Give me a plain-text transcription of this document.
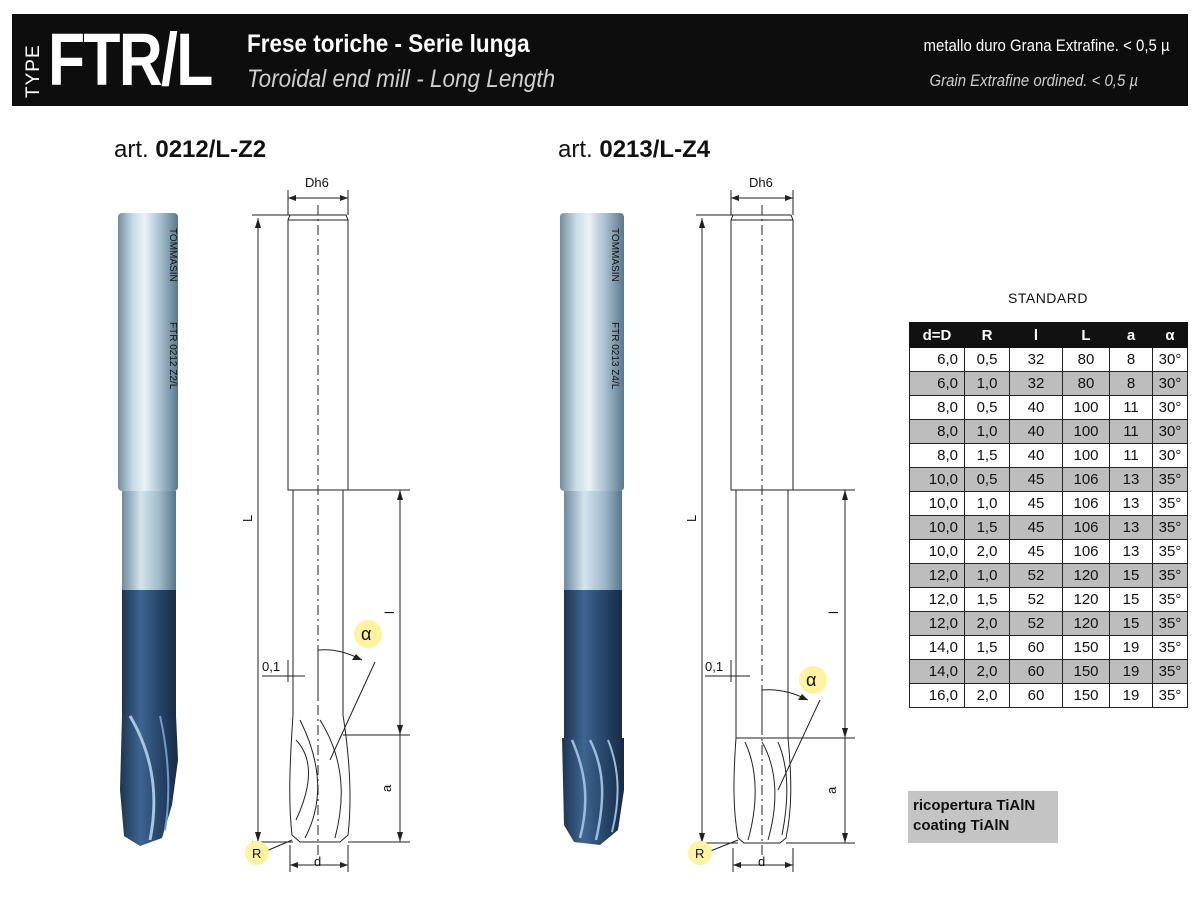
TYPE FTR/L Frese toriche - Serie lunga
Toroidal end mill - Long Length
metallo duro Grana Extrafine. < 0,5 µ
Grain Extrafine ordined. < 0,5 µ
art. 0212/L-Z2	art. 0213/L-Z4
TOMMASIN
FTR 0212 Z2/L
Dh6
L
l
a
0,1
d
α
R
TOMMASIN
FTR 0213 Z4/L
Dh6
L
l
a
0,1
d
α
R
STANDARD
d=D	R	l	L	a	α
6,0	0,5	32	80	8	30°
6,0	1,0	32	80	8	30°
8,0	0,5	40	100	11	30°
8,0	1,0	40	100	11	30°
8,0	1,5	40	100	11	30°
10,0	0,5	45	106	13	35°
10,0	1,0	45	106	13	35°
10,0	1,5	45	106	13	35°
10,0	2,0	45	106	13	35°
12,0	1,0	52	120	15	35°
12,0	1,5	52	120	15	35°
12,0	2,0	52	120	15	35°
14,0	1,5	60	150	19	35°
14,0	2,0	60	150	19	35°
16,0	2,0	60	150	19	35°
ricopertura TiAlN
coating TiAlN
